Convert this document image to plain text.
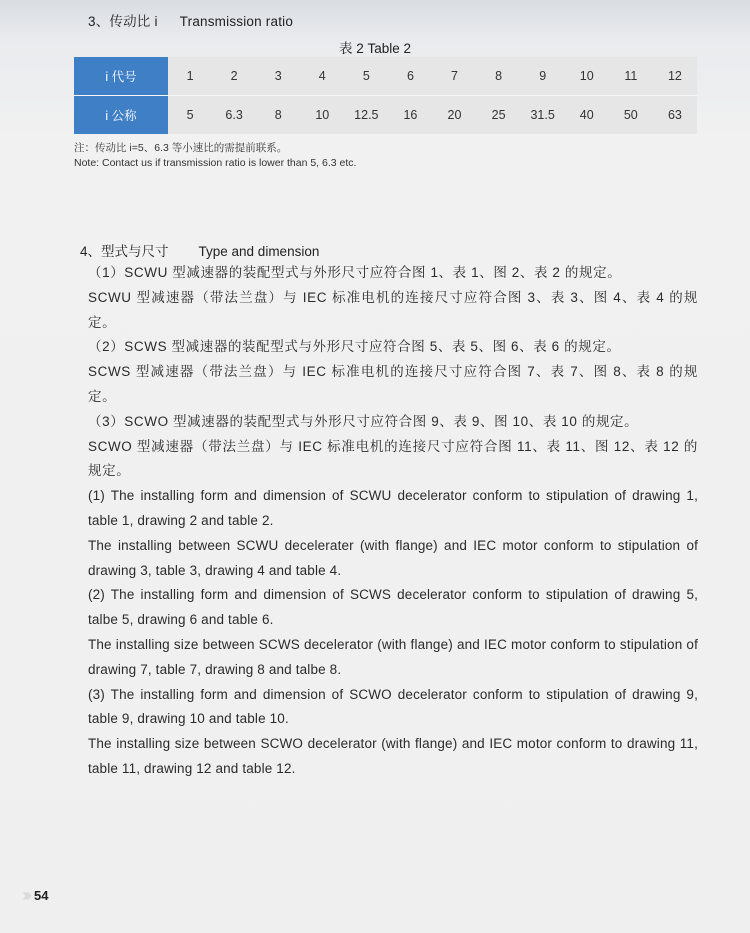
3、传动比 i Transmission ratio
表 2 Table 2
i 代号	1	2	3	4	5	6	7	8	9	10	11	12
i 公称	5	6.3	8	10	12.5	16	20	25	31.5	40	50	63
注：传动比 i=5、6.3 等小速比的需提前联系。
Note: Contact us if transmission ratio is lower than 5, 6.3 etc.
4、型式与尺寸 Type and dimension

（1）SCWU 型减速器的装配型式与外形尺寸应符合图 1、表 1、图 2、表 2 的规定。

SCWU 型减速器（带法兰盘）与 IEC 标准电机的连接尺寸应符合图 3、表 3、图 4、表 4 的规定。

（2）SCWS 型减速器的装配型式与外形尺寸应符合图 5、表 5、图 6、表 6 的规定。

SCWS 型减速器（带法兰盘）与 IEC 标准电机的连接尺寸应符合图 7、表 7、图 8、表 8 的规定。

（3）SCWO 型减速器的装配型式与外形尺寸应符合图 9、表 9、图 10、表 10 的规定。

SCWO 型减速器（带法兰盘）与 IEC 标准电机的连接尺寸应符合图 11、表 11、图 12、表 12 的规定。

(1) The installing form and dimension of SCWU decelerator conform to stipulation of drawing 1, table 1, drawing 2 and table 2.

The installing between SCWU decelerater (with flange) and IEC motor conform to stipulation of drawing 3, table 3, drawing 4 and table 4.

(2) The installing form and dimension of SCWS decelerator conform to stipulation of drawing 5, talbe 5, drawing 6 and table 6.

The installing size between SCWS decelerator (with flange) and IEC motor conform to stipulation of drawing 7, table 7, drawing 8 and talbe 8.

(3) The installing form and dimension of SCWO decelerator conform to stipulation of drawing 9, table 9, drawing 10 and table 10.

The installing size between SCWO decelerator (with flange) and IEC motor conform to drawing 11, table 11, drawing 12 and table 12.

››› 54
